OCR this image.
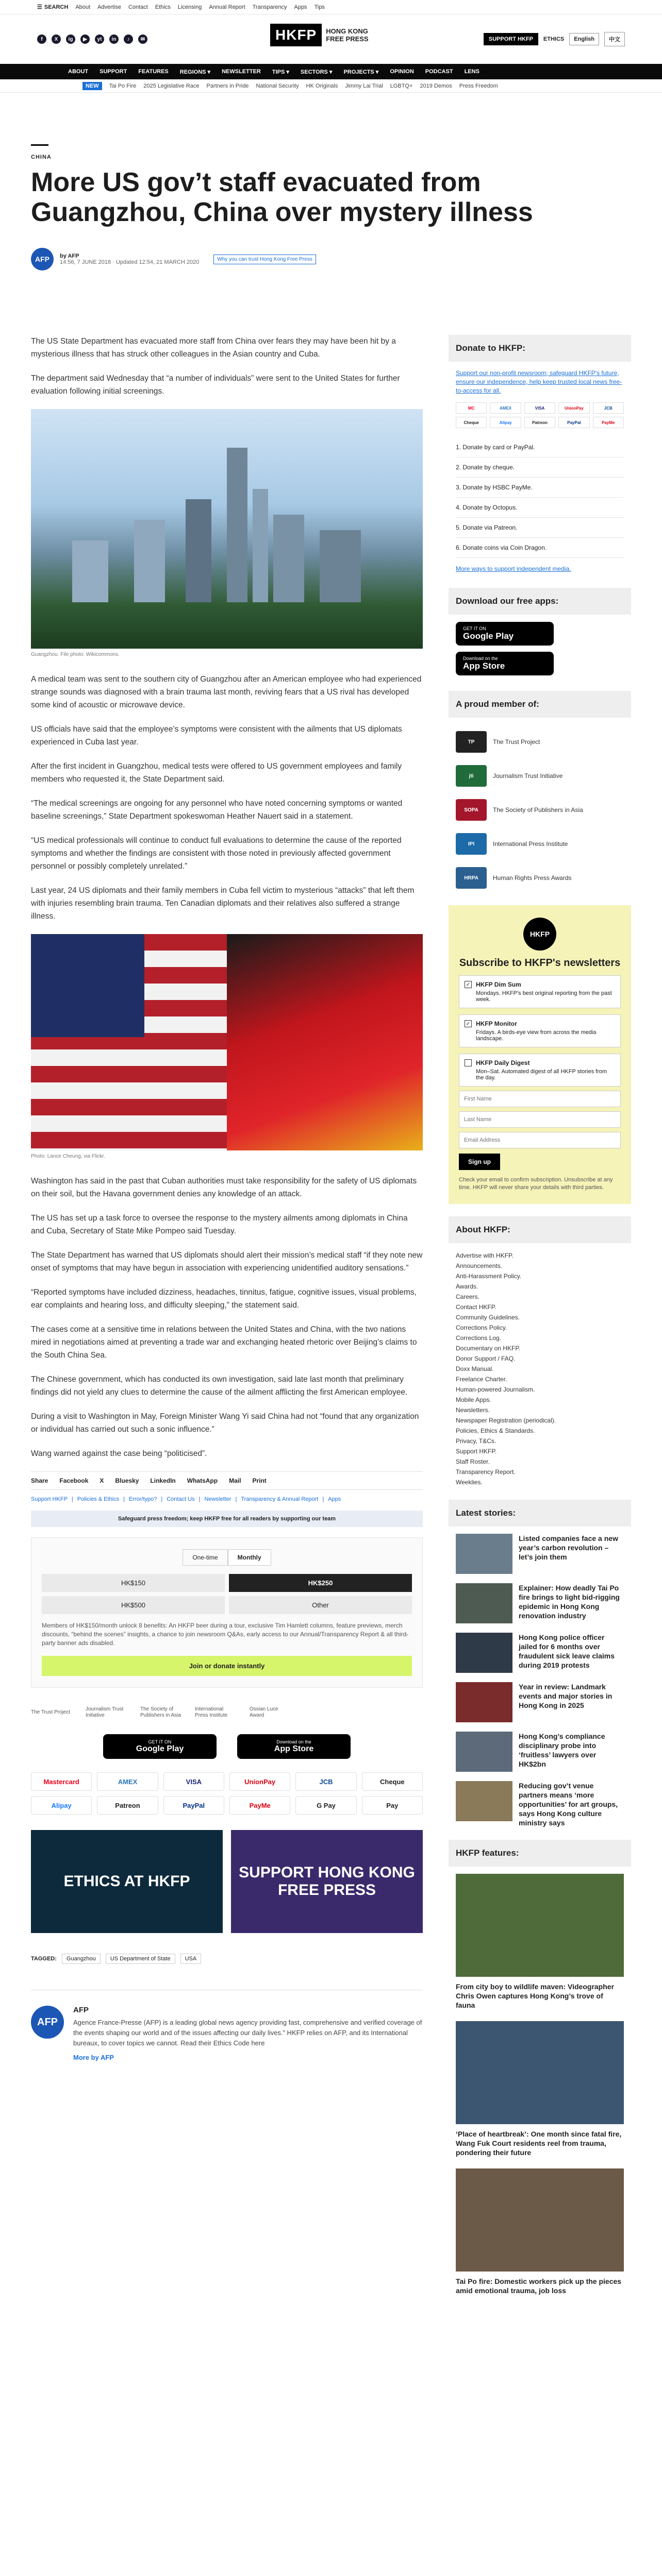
☰ SEARCH About Advertise Contact Ethics Licensing Annual Report Transparency Apps Tips
f	X	ig	▶	yt	in	♪	✉	HKFP	HONG KONG
FREE PRESS	SUPPORT HKFP	ETHICS	English	中文
ABOUT SUPPORT FEATURES REGIONS ▾ NEWSLETTER TIPS ▾ SECTORS ▾ PROJECTS ▾ OPINION PODCAST LENS
NEW	Tai Po Fire 2025 Legislative Race Partners in Pride National Security HK Originals Jimmy Lai Trial LGBTQ+ 2019 Demos Press Freedom
CHINA
More US gov’t staff evacuated from Guangzhou, China over mystery illness
AFP	by AFP
14:56, 7 JUNE 2018 · Updated 12:54, 21 MARCH 2020	Why you can trust Hong Kong Free Press

The US State Department has evacuated more staff from China over fears they may have been hit by a mysterious illness that has struck other colleagues in the Asian country and Cuba.

The department said Wednesday that “a number of individuals” were sent to the United States for further evaluation following initial screenings.

Guangzhou. File photo: Wikicommons.

A medical team was sent to the southern city of Guangzhou after an American employee who had experienced strange sounds was diagnosed with a brain trauma last month, reviving fears that a US rival has developed some kind of acoustic or microwave device.

US officials have said that the employee’s symptoms were consistent with the ailments that US diplomats experienced in Cuba last year.

After the first incident in Guangzhou, medical tests were offered to US government employees and family members who requested it, the State Department said.

“The medical screenings are ongoing for any personnel who have noted concerning symptoms or wanted baseline screenings,” State Department spokeswoman Heather Nauert said in a statement.

“US medical professionals will continue to conduct full evaluations to determine the cause of the reported symptoms and whether the findings are consistent with those noted in previously affected government personnel or possibly completely unrelated.”

Last year, 24 US diplomats and their family members in Cuba fell victim to mysterious “attacks” that left them with injuries resembling brain trauma. Ten Canadian diplomats and their relatives also suffered a strange illness.

Photo: Lance Cheung, via Flickr.

Washington has said in the past that Cuban authorities must take responsibility for the safety of US diplomats on their soil, but the Havana government denies any knowledge of an attack.

The US has set up a task force to oversee the response to the mystery ailments among diplomats in China and Cuba, Secretary of State Mike Pompeo said Tuesday.

The State Department has warned that US diplomats should alert their mission’s medical staff “if they note new onset of symptoms that may have begun in association with experiencing unidentified auditory sensations.”

“Reported symptoms have included dizziness, headaches, tinnitus, fatigue, cognitive issues, visual problems, ear complaints and hearing loss, and difficulty sleeping,” the statement said.

The cases come at a sensitive time in relations between the United States and China, with the two nations mired in negotiations aimed at preventing a trade war and exchanging heated rhetoric over Beijing’s claims to the South China Sea.

The Chinese government, which has conducted its own investigation, said late last month that preliminary findings did not yield any clues to determine the cause of the ailment afflicting the first American employee.

During a visit to Washington in May, Foreign Minister Wang Yi said China had not “found that any organization or individual has carried out such a sonic influence.”

Wang warned against the case being “politicised”.

Share Facebook X Bluesky LinkedIn WhatsApp Mail Print
Support HKFP | Policies & Ethics | Error/typo? | Contact Us | Newsletter | Transparency & Annual Report | Apps
Safeguard press freedom; keep HKFP free for all readers by supporting our team
One-time	Monthly
HK$150	HK$250
HK$500	Other
Members of HK$150/month unlock 8 benefits: An HKFP beer during a tour, exclusive Tim Hamlett columns, feature previews, merch discounts, “behind the scenes” insights, a chance to join newsroom Q&As, early access to our Annual/Transparency Report & all third-party banner ads disabled.
Join or donate instantly
The Trust Project
Journalism Trust Initiative
The Society of Publishers in Asia
International Press Institute
Ossian Luce Award
GET IT ON
Google Play
Download on the
App Store
Mastercard	AMEX	VISA	UnionPay	JCB	Cheque
Alipay	Patreon	PayPal	PayMe	G Pay	Pay
ETHICS AT HKFP
SUPPORT HONG KONG FREE PRESS
TAGGED:	Guangzhou	US Department of State	USA
AFP
AFP

Agence France-Presse (AFP) is a leading global news agency providing fast, comprehensive and verified coverage of the events shaping our world and of the issues affecting our daily lives.” HKFP relies on AFP, and its International bureaux, to cover topics we cannot. Read their Ethics Code here

More by AFP

Donate to HKFP:

Support our non-profit newsroom; safeguard HKFP's future, ensure our independence, help keep trusted local news free-to-access for all.

MC	AMEX	VISA	UnionPay	JCB
Cheque	Alipay	Patreon	PayPal	PayMe
1. Donate by card or PayPal.
2. Donate by cheque.
3. Donate by HSBC PayMe.
4. Donate by Octopus.
5. Donate via Patreon.
6. Donate coins via Coin Dragon.
More ways to support independent media.
Download our free apps:
GET IT ON
Google Play
Download on the
App Store
A proud member of:
TP	The Trust Project
jti	Journalism Trust Initiative
SOPA	The Society of Publishers in Asia
IPI	International Press Institute
HRPA	Human Rights Press Awards
HKFP
Subscribe to HKFP's newsletters
✓ HKFP Dim Sum
Mondays. HKFP's best original reporting from the past week.
✓ HKFP Monitor
Fridays. A birds-eye view from across the media landscape.
HKFP Daily Digest
Mon–Sat. Automated digest of all HKFP stories from the day.
First Name Last Name Email Address Sign up
Check your email to confirm subscription. Unsubscribe at any time. HKFP will never share your details with third parties.
About HKFP:
Advertise with HKFP.
Announcements.
Anti-Harassment Policy.
Awards.
Careers.
Contact HKFP.
Community Guidelines.
Corrections Policy.
Corrections Log.
Documentary on HKFP.
Donor Support / FAQ.
Doxx Manual.
Freelance Charter.
Human-powered Journalism.
Mobile Apps.
Newsletters.
Newspaper Registration (periodical).
Policies, Ethics & Standards.
Privacy, T&Cs.
Support HKFP.
Staff Roster.
Transparency Report.
Weeklies.
Latest stories:
Listed companies face a new year’s carbon revolution – let’s join them
Explainer: How deadly Tai Po fire brings to light bid-rigging epidemic in Hong Kong renovation industry
Hong Kong police officer jailed for 6 months over fraudulent sick leave claims during 2019 protests
Year in review: Landmark events and major stories in Hong Kong in 2025
Hong Kong’s compliance disciplinary probe into ‘fruitless’ lawyers over HK$2bn
Reducing gov’t venue partners means ‘more opportunities’ for art groups, says Hong Kong culture ministry says
HKFP features:
From city boy to wildlife maven: Videographer Chris Owen captures Hong Kong’s trove of fauna
‘Place of heartbreak’: One month since fatal fire, Wang Fuk Court residents reel from trauma, pondering their future
Tai Po fire: Domestic workers pick up the pieces amid emotional trauma, job loss
